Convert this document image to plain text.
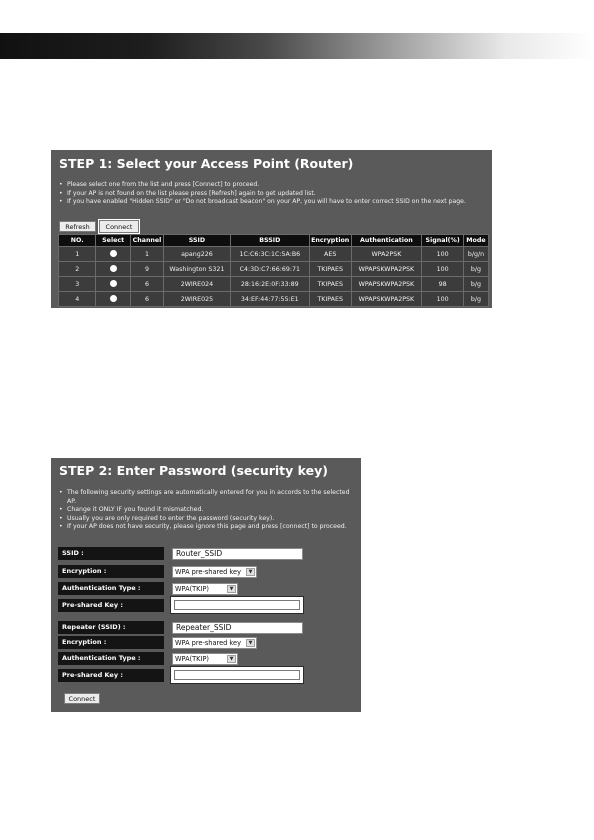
STEP 1: Select your Access Point (Router)
• Please select one from the list and press [Connect] to proceed.
• If your AP is not found on the list please press [Refresh] again to get updated list.
• If you have enabled "Hidden SSID" or "Do not broadcast beacon" on your AP, you will have to enter correct SSID on the next page.
Refresh	Connect
NO.	Select	Channel	SSID	BSSID	Encryption	Authentication	Signal(%)	Mode
1		1	apang226	1C:C6:3C:1C:5A:B6	AES	WPA2PSK	100	b/g/n
2		9	Washington S321	C4:3D:C7:66:69:71	TKIPAES	WPAPSKWPA2PSK	100	b/g
3		6	2WIRE024	28:16:2E:0F:33:89	TKIPAES	WPAPSKWPA2PSK	98	b/g
4		6	2WIRE025	34:EF:44:77:55:E1	TKIPAES	WPAPSKWPA2PSK	100	b/g
STEP 2: Enter Password (security key)
• The following security settings are automatically entered for you in accords to the selected AP.
• Change it ONLY IF you found it mismatched.
• Usually you are only required to enter the password (security key).
• If your AP does not have security, please ignore this page and press [connect] to proceed.
SSID :	Router_SSID
Encryption :	WPA pre-shared key	▼
Authentication Type :	WPA(TKIP)	▼
Pre-shared Key :
Repeater (SSID) :	Repeater_SSID
Encryption :	WPA pre-shared key	▼
Authentication Type :	WPA(TKIP)	▼
Pre-shared Key :
Connect
